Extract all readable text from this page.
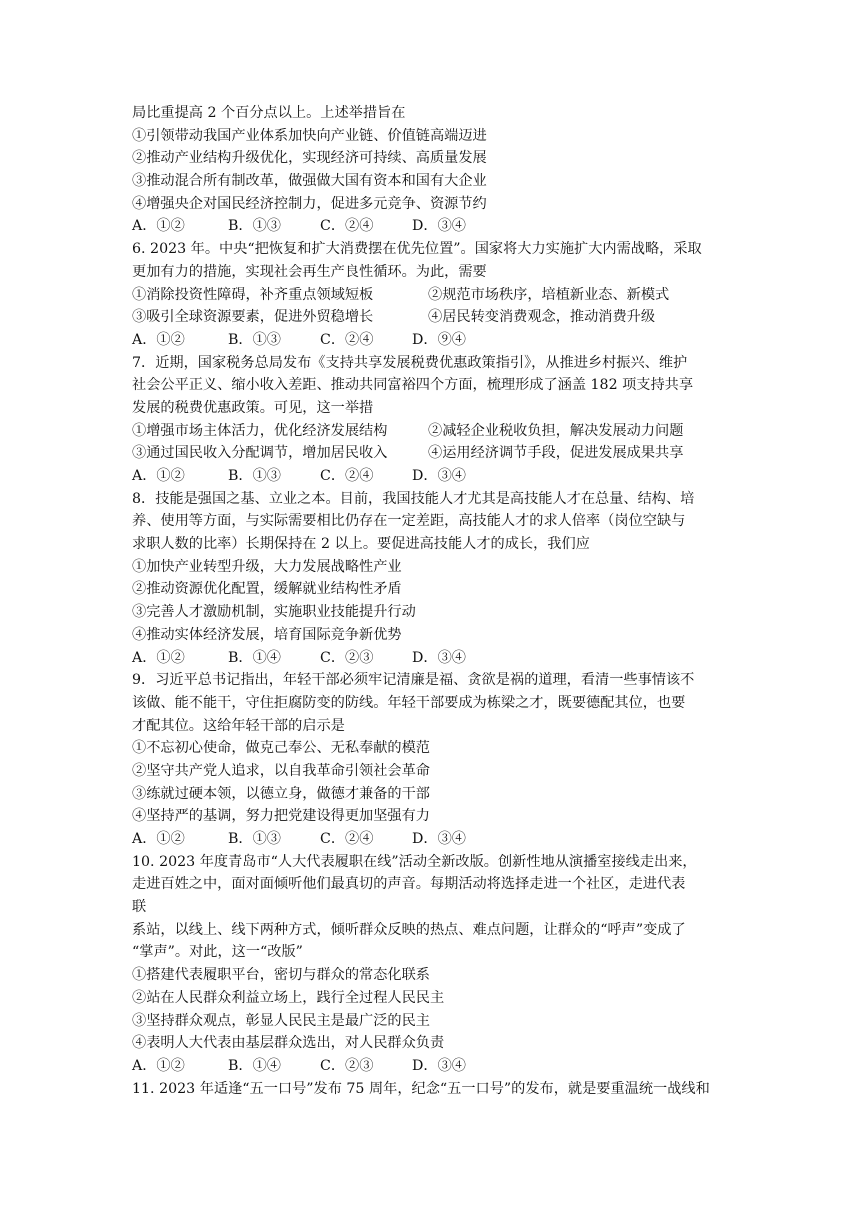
局比重提高 2 个百分点以上。上述举措旨在
①引领带动我国产业体系加快向产业链、价值链高端迈进
②推动产业结构升级优化，实现经济可持续、高质量发展
③推动混合所有制改革，做强做大国有资本和国有大企业
④增强央企对国民经济控制力，促进多元竞争、资源节约
A．①②	B．①③	C．②④	D．③④
6. 2023 年。中央“把恢复和扩大消费摆在优先位置”。国家将大力实施扩大内需战略，采取
更加有力的措施，实现社会再生产良性循环。为此，需要
①消除投资性障碍，补齐重点领域短板	②规范市场秩序，培植新业态、新模式
③吸引全球资源要素，促进外贸稳增长	④居民转变消费观念，推动消费升级
A．①②	B．①③	C．②④	D．⑨④
7．近期，国家税务总局发布《支持共享发展税费优惠政策指引》，从推进乡村振兴、维护
社会公平正义、缩小收入差距、推动共同富裕四个方面，梳理形成了涵盖 182 项支持共享
发展的税费优惠政策。可见，这一举措
①增强市场主体活力，优化经济发展结构	②减轻企业税收负担，解决发展动力问题
③通过国民收入分配调节，增加居民收入	④运用经济调节手段，促进发展成果共享
A．①②	B．①③	C．②④	D．③④
8．技能是强国之基、立业之本。目前，我国技能人才尤其是高技能人才在总量、结构、培
养、使用等方面，与实际需要相比仍存在一定差距，高技能人才的求人倍率（岗位空缺与
求职人数的比率）长期保持在 2 以上。要促进高技能人才的成长，我们应
①加快产业转型升级，大力发展战略性产业
②推动资源优化配置，缓解就业结构性矛盾
③完善人才激励机制，实施职业技能提升行动
④推动实体经济发展，培育国际竞争新优势
A．①②	B．①④	C．②③	D．③④
9．习近平总书记指出，年轻干部必须牢记清廉是福、贪欲是祸的道理，看清一些事情该不
该做、能不能干，守住拒腐防变的防线。年轻干部要成为栋梁之才，既要德配其位，也要
才配其位。这给年轻干部的启示是
①不忘初心使命，做克己奉公、无私奉献的模范
②坚守共产党人追求，以自我革命引领社会革命
③练就过硬本领，以德立身，做德才兼备的干部
④坚持严的基调，努力把党建设得更加坚强有力
A．①②	B．①③	C．②④	D．③④
10. 2023 年度青岛市“人大代表履职在线”活动全新改版。创新性地从演播室接线走出来，
走进百姓之中，面对面倾听他们最真切的声音。每期活动将选择走进一个社区，走进代表
联
系站，以线上、线下两种方式，倾听群众反映的热点、难点问题，让群众的“呼声”变成了
“掌声”。对此，这一“改版”
①搭建代表履职平台，密切与群众的常态化联系
②站在人民群众利益立场上，践行全过程人民民主
③坚持群众观点，彰显人民民主是最广泛的民主
④表明人大代表由基层群众选出，对人民群众负责
A．①②	B．①④	C．②③	D．③④
11. 2023 年适逢“五一口号”发布 75 周年，纪念“五一口号”的发布，就是要重温统一战线和
